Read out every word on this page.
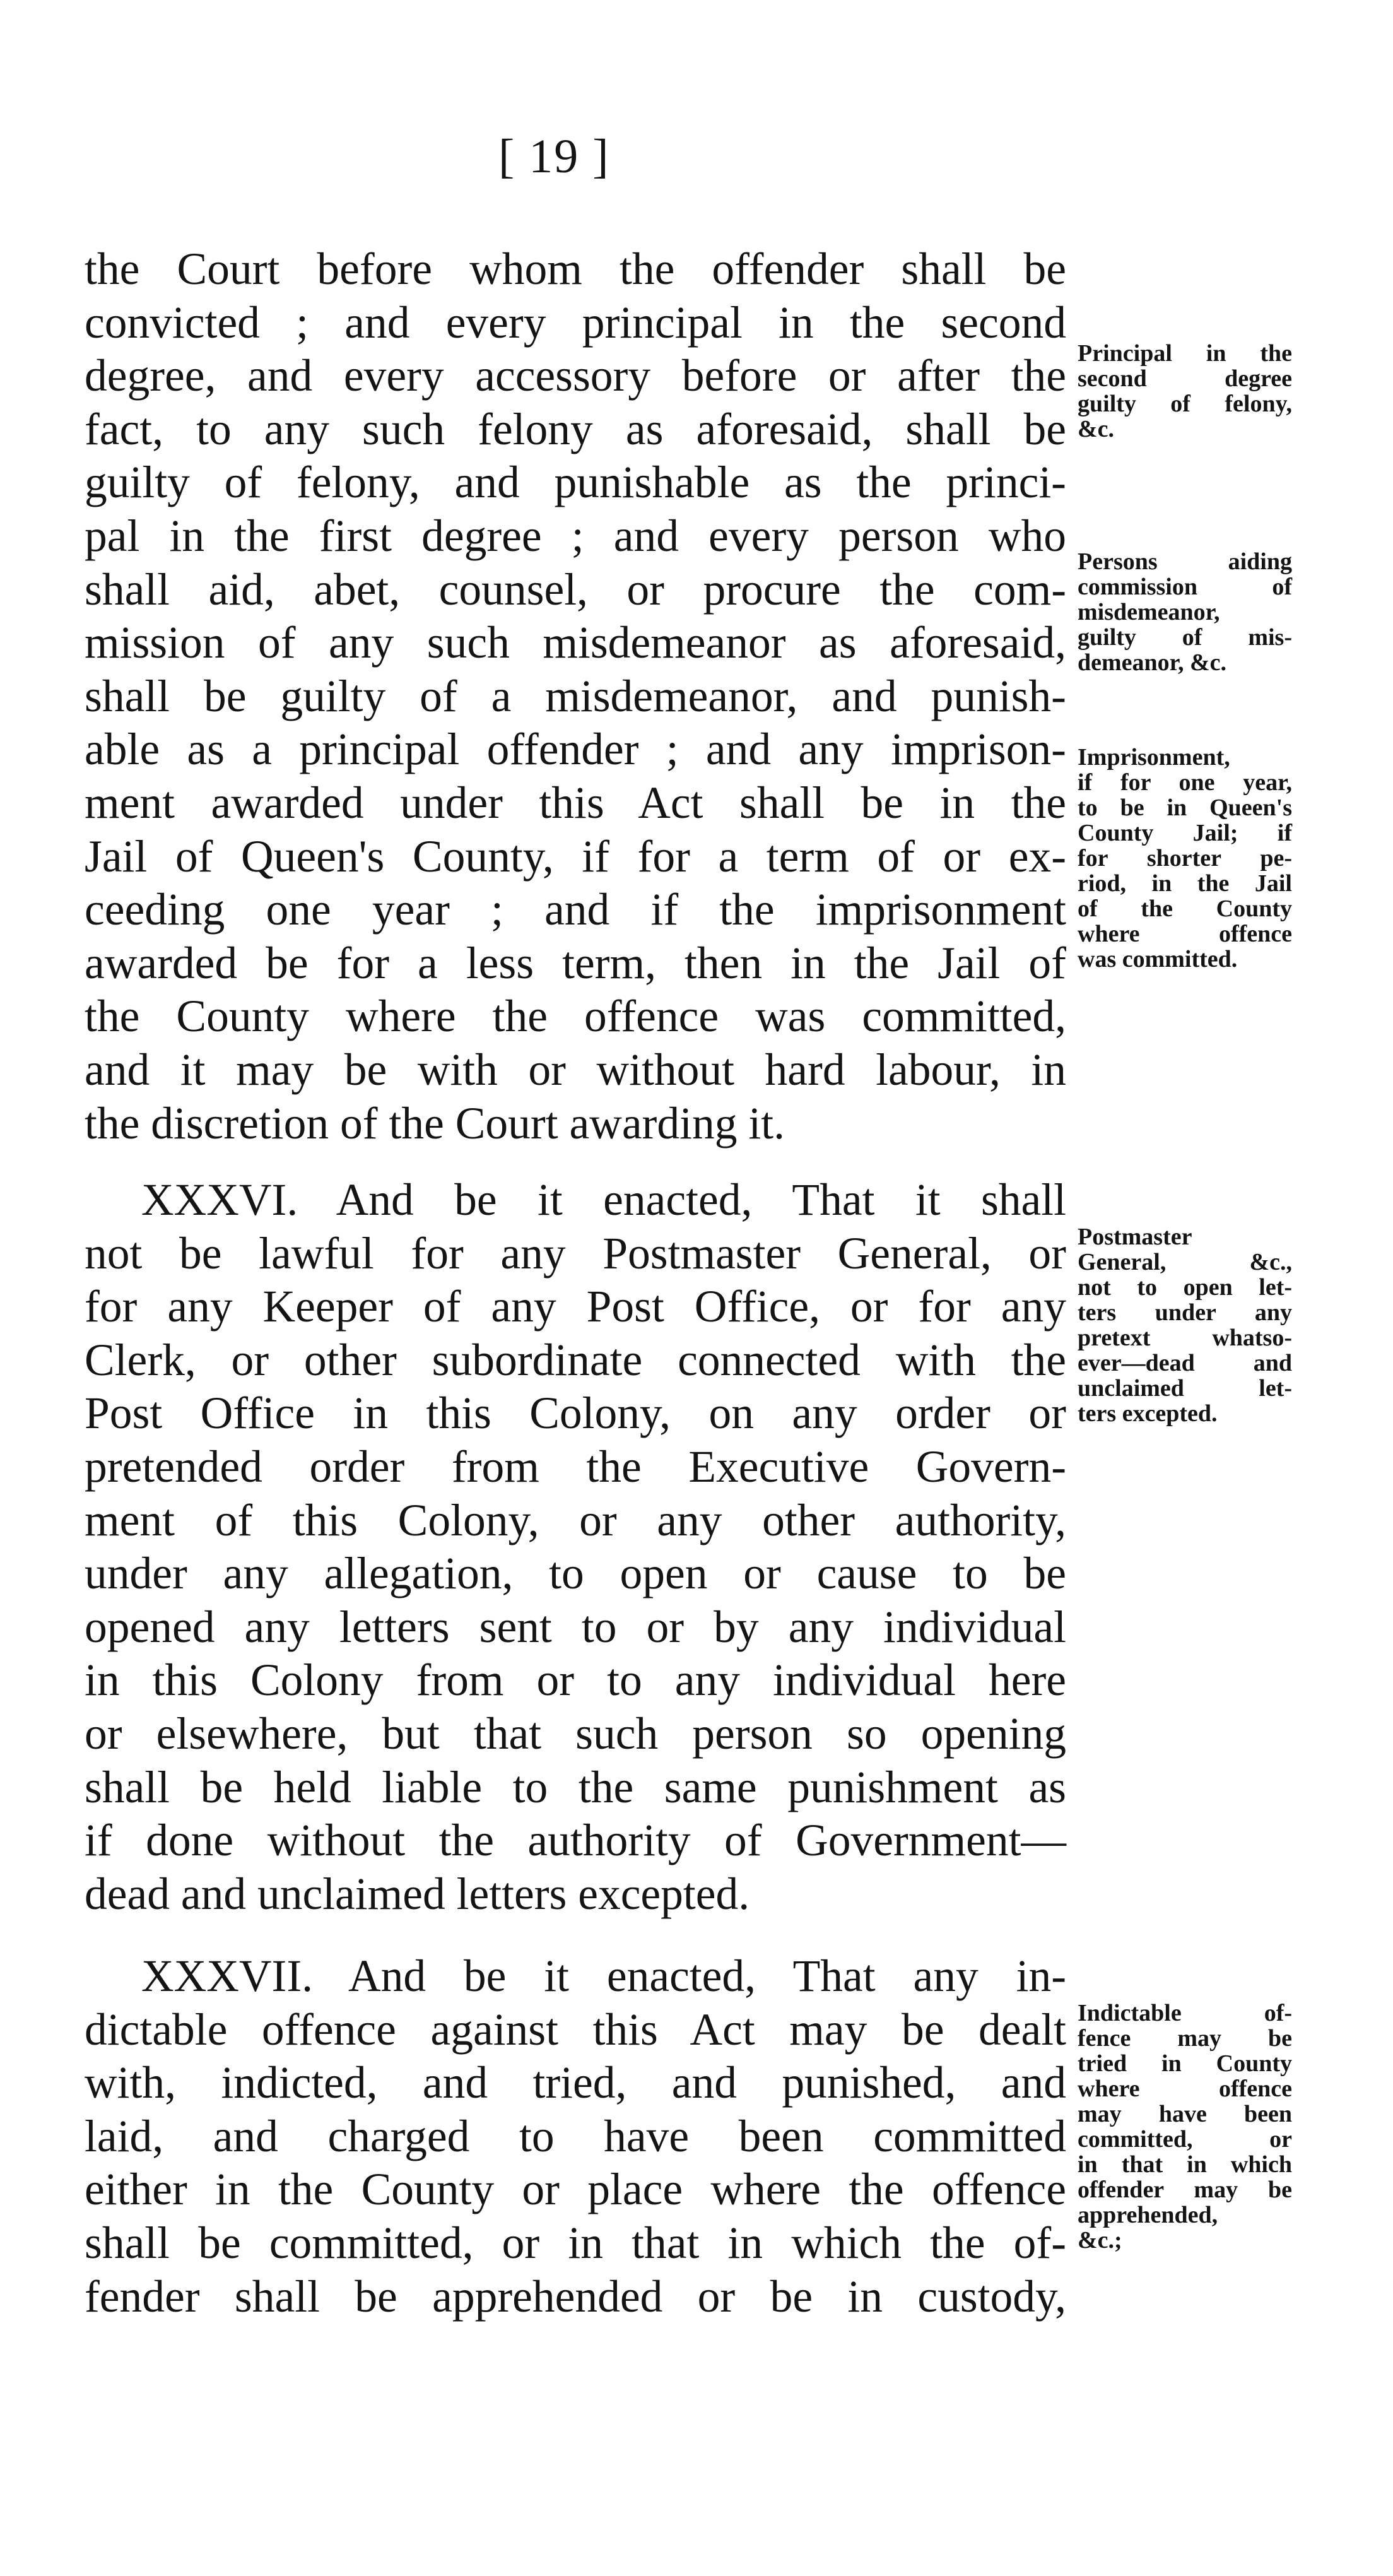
[ 19 ]
the Court before whom the offender shall be
convicted ; and every principal in the second
degree, and every accessory before or after the
fact, to any such felony as aforesaid, shall be
guilty of felony, and punishable as the princi-
pal in the first degree ; and every person who
shall aid, abet, counsel, or procure the com-
mission of any such misdemeanor as aforesaid,
shall be guilty of a misdemeanor, and punish-
able as a principal offender ; and any imprison-
ment awarded under this Act shall be in the
Jail of Queen's County, if for a term of or ex-
ceeding one year ; and if the imprisonment
awarded be for a less term, then in the Jail of
the County where the offence was committed,
and it may be with or without hard labour, in
the discretion of the Court awarding it.
XXXVI. And be it enacted, That it shall
not be lawful for any Postmaster General, or
for any Keeper of any Post Office, or for any
Clerk, or other subordinate connected with the
Post Office in this Colony, on any order or
pretended order from the Executive Govern-
ment of this Colony, or any other authority,
under any allegation, to open or cause to be
opened any letters sent to or by any individual
in this Colony from or to any individual here
or elsewhere, but that such person so opening
shall be held liable to the same punishment as
if done without the authority of Government—
dead and unclaimed letters excepted.
XXXVII. And be it enacted, That any in-
dictable offence against this Act may be dealt
with, indicted, and tried, and punished, and
laid, and charged to have been committed
either in the County or place where the offence
shall be committed, or in that in which the of-
fender shall be apprehended or be in custody,
Principal in the
second degree
guilty of felony,
&c.
Persons aiding
commission of
misdemeanor,
guilty of mis-
demeanor, &c.
Imprisonment,
if for one year,
to be in Queen's
County Jail; if
for shorter pe-
riod, in the Jail
of the County
where offence
was committed.
Postmaster
General, &c.,
not to open let-
ters under any
pretext whatso-
ever—dead and
unclaimed let-
ters excepted.
Indictable of-
fence may be
tried in County
where offence
may have been
committed, or
in that in which
offender may be
apprehended,
&c.;
